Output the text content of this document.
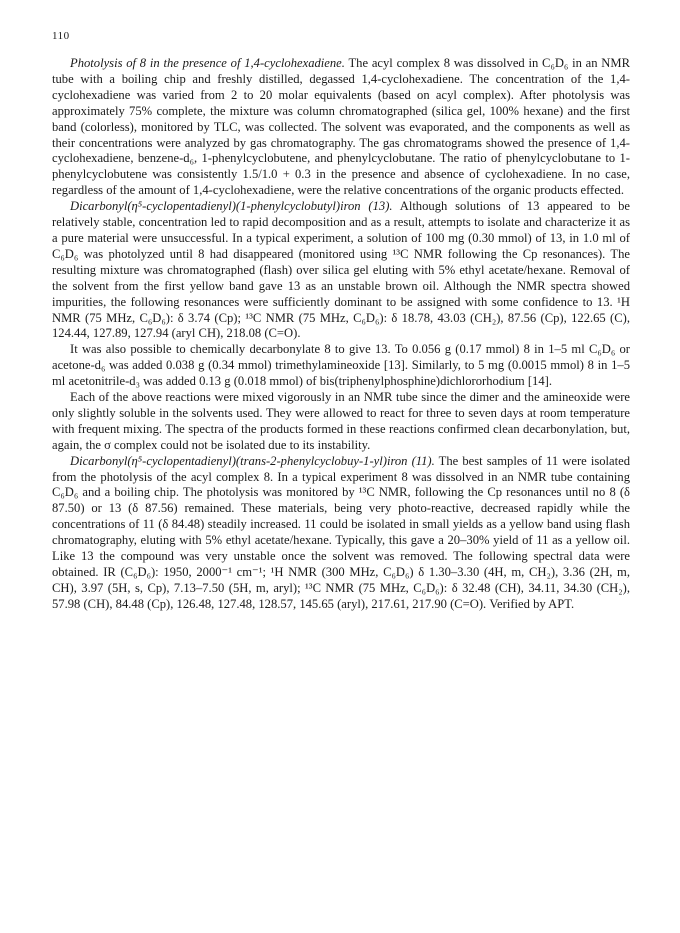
110

Photolysis of 8 in the presence of 1,4-cyclohexadiene. The acyl complex 8 was dissolved in C₆D₆ in an NMR tube with a boiling chip and freshly distilled, degassed 1,4-cyclohexadiene. The concentration of the 1,4-cyclohexadiene was varied from 2 to 20 molar equivalents (based on acyl complex). After photolysis was approximately 75% complete, the mixture was column chromatographed (silica gel, 100% hexane) and the first band (colorless), monitored by TLC, was collected. The solvent was evaporated, and the components as well as their concentrations were analyzed by gas chromatography. The gas chromatograms showed the presence of 1,4-cyclohexadiene, benzene-d₆, 1-phenylcyclobutene, and phenylcyclobutane. The ratio of phenylcyclobutane to 1-phenylcyclobutene was consistently 1.5/1.0 + 0.3 in the presence and absence of cyclohexadiene. In no case, regardless of the amount of 1,4-cyclohexadiene, were the relative concentrations of the organic products effected.

Dicarbonyl(η⁵-cyclopentadienyl)(1-phenylcyclobutyl)iron (13). Although solutions of 13 appeared to be relatively stable, concentration led to rapid decomposition and as a result, attempts to isolate and characterize it as a pure material were unsuccessful. In a typical experiment, a solution of 100 mg (0.30 mmol) of 13, in 1.0 ml of C₆D₆ was photolyzed until 8 had disappeared (monitored using ¹³C NMR following the Cp resonances). The resulting mixture was chromatographed (flash) over silica gel eluting with 5% ethyl acetate/hexane. Removal of the solvent from the first yellow band gave 13 as an unstable brown oil. Although the NMR spectra showed impurities, the following resonances were sufficiently dominant to be assigned with some confidence to 13. ¹H NMR (75 MHz, C₆D₆): δ 3.74 (Cp); ¹³C NMR (75 MHz, C₆D₆): δ 18.78, 43.03 (CH₂), 87.56 (Cp), 122.65 (C), 124.44, 127.89, 127.94 (aryl CH), 218.08 (C=O).

It was also possible to chemically decarbonylate 8 to give 13. To 0.056 g (0.17 mmol) 8 in 1–5 ml C₆D₆ or acetone-d₆ was added 0.038 g (0.34 mmol) trimethylamineoxide [13]. Similarly, to 5 mg (0.0015 mmol) 8 in 1–5 ml acetonitrile-d₃ was added 0.13 g (0.018 mmol) of bis(triphenylphosphine)dichlororhodium [14].

Each of the above reactions were mixed vigorously in an NMR tube since the dimer and the amineoxide were only slightly soluble in the solvents used. They were allowed to react for three to seven days at room temperature with frequent mixing. The spectra of the products formed in these reactions confirmed clean decarbonylation, but, again, the σ complex could not be isolated due to its instability.

Dicarbonyl(η⁵-cyclopentadienyl)(trans-2-phenylcyclobuy-1-yl)iron (11). The best samples of 11 were isolated from the photolysis of the acyl complex 8. In a typical experiment 8 was dissolved in an NMR tube containing C₆D₆ and a boiling chip. The photolysis was monitored by ¹³C NMR, following the Cp resonances until no 8 (δ 87.50) or 13 (δ 87.56) remained. These materials, being very photo-reactive, decreased rapidly while the concentrations of 11 (δ 84.48) steadily increased. 11 could be isolated in small yields as a yellow band using flash chromatography, eluting with 5% ethyl acetate/hexane. Typically, this gave a 20–30% yield of 11 as a yellow oil. Like 13 the compound was very unstable once the solvent was removed. The following spectral data were obtained. IR (C₆D₆): 1950, 2000⁻¹ cm⁻¹; ¹H NMR (300 MHz, C₆D₆) δ 1.30–3.30 (4H, m, CH₂), 3.36 (2H, m, CH), 3.97 (5H, s, Cp), 7.13–7.50 (5H, m, aryl); ¹³C NMR (75 MHz, C₆D₆): δ 32.48 (CH), 34.11, 34.30 (CH₂), 57.98 (CH), 84.48 (Cp), 126.48, 127.48, 128.57, 145.65 (aryl), 217.61, 217.90 (C=O). Verified by APT.
